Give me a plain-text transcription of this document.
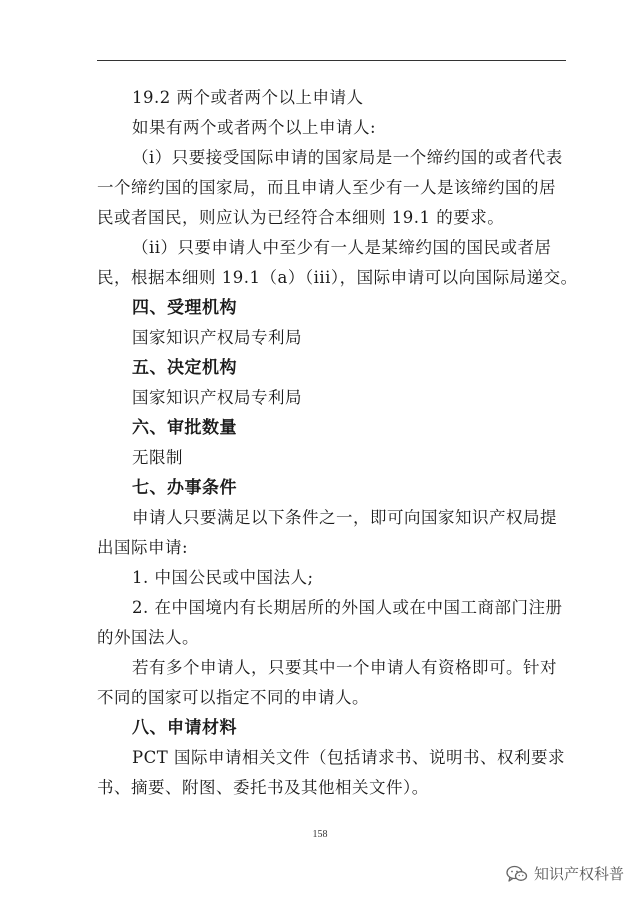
19.2 两个或者两个以上申请人
如果有两个或者两个以上申请人:
（i）只要接受国际申请的国家局是一个缔约国的或者代表
一个缔约国的国家局，而且申请人至少有一人是该缔约国的居
民或者国民，则应认为已经符合本细则 19.1 的要求。
（ii）只要申请人中至少有一人是某缔约国的国民或者居
民，根据本细则 19.1（a）（iii），国际申请可以向国际局递交。
四、受理机构
国家知识产权局专利局
五、决定机构
国家知识产权局专利局
六、审批数量
无限制
七、办事条件
申请人只要满足以下条件之一，即可向国家知识产权局提
出国际申请:
1. 中国公民或中国法人;
2. 在中国境内有长期居所的外国人或在中国工商部门注册
的外国法人。
若有多个申请人，只要其中一个申请人有资格即可。针对
不同的国家可以指定不同的申请人。
八、申请材料
PCT 国际申请相关文件（包括请求书、说明书、权利要求
书、摘要、附图、委托书及其他相关文件）。
158
知识产权科普
